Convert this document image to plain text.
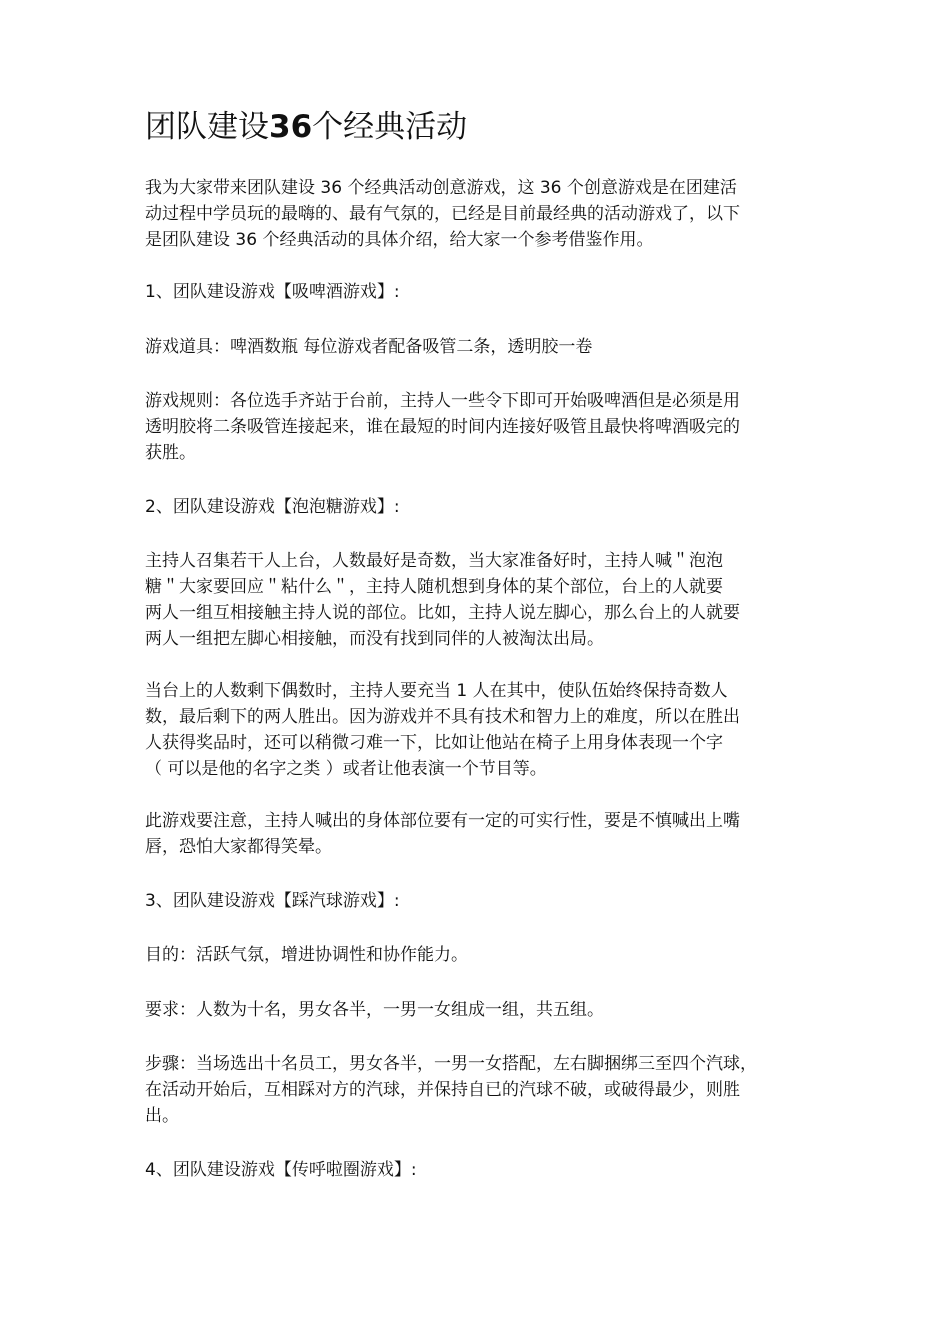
团队建设36个经典活动
我为大家带来团队建设 36 个经典活动创意游戏，这 36 个创意游戏是在团建活
动过程中学员玩的最嗨的、最有气氛的，已经是目前最经典的活动游戏了，以下
是团队建设 36 个经典活动的具体介绍，给大家一个参考借鉴作用。
1、团队建设游戏【吸啤酒游戏】:
游戏道具：啤酒数瓶 每位游戏者配备吸管二条，透明胶一卷
游戏规则：各位选手齐站于台前，主持人一些令下即可开始吸啤酒但是必须是用
透明胶将二条吸管连接起来，谁在最短的时间内连接好吸管且最快将啤酒吸完的
获胜。
2、团队建设游戏【泡泡糖游戏】:
主持人召集若干人上台，人数最好是奇数，当大家准备好时，主持人喊＂泡泡
糖＂大家要回应＂粘什么＂，主持人随机想到身体的某个部位，台上的人就要
两人一组互相接触主持人说的部位。比如，主持人说左脚心，那么台上的人就要
两人一组把左脚心相接触，而没有找到同伴的人被淘汰出局。
当台上的人数剩下偶数时，主持人要充当 1 人在其中，使队伍始终保持奇数人
数，最后剩下的两人胜出。因为游戏并不具有技术和智力上的难度，所以在胜出
人获得奖品时，还可以稍微刁难一下，比如让他站在椅子上用身体表现一个字
（ 可以是他的名字之类 ）或者让他表演一个节目等。
此游戏要注意，主持人喊出的身体部位要有一定的可实行性，要是不慎喊出上嘴
唇，恐怕大家都得笑晕。
3、团队建设游戏【踩汽球游戏】:
目的：活跃气氛，增进协调性和协作能力。
要求：人数为十名，男女各半，一男一女组成一组，共五组。
步骤：当场选出十名员工，男女各半，一男一女搭配，左右脚捆绑三至四个汽球，
在活动开始后，互相踩对方的汽球，并保持自已的汽球不破，或破得最少，则胜
出。
4、团队建设游戏【传呼啦圈游戏】:
